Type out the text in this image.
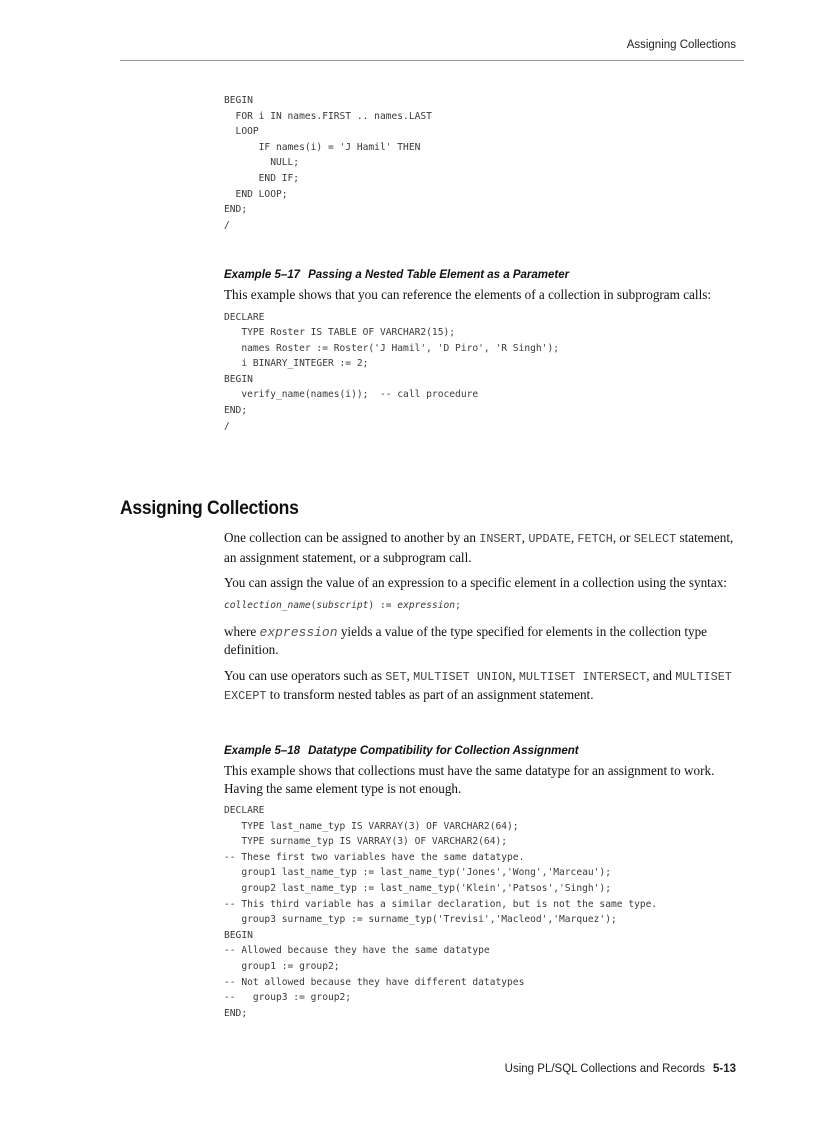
Assigning Collections
BEGIN
FOR i IN names.FIRST .. names.LAST
LOOP
IF names(i) = 'J Hamil' THEN
NULL;
END IF;
END LOOP;
END;
/

Example 5–17 Passing a Nested Table Element as a Parameter

This example shows that you can reference the elements of a collection in subprogram calls:

DECLARE
TYPE Roster IS TABLE OF VARCHAR2(15);
names Roster := Roster('J Hamil', 'D Piro', 'R Singh');
i BINARY_INTEGER := 2;
BEGIN
verify_name(names(i));  -- call procedure
END;
/
Assigning Collections

One collection can be assigned to another by an INSERT, UPDATE, FETCH, or SELECT statement, an assignment statement, or a subprogram call.

You can assign the value of an expression to a specific element in a collection using the syntax:

collection_name(subscript) := expression;

where expression yields a value of the type specified for elements in the collection type definition.

You can use operators such as SET, MULTISET UNION, MULTISET INTERSECT, and MULTISET EXCEPT to transform nested tables as part of an assignment statement.

Example 5–18 Datatype Compatibility for Collection Assignment

This example shows that collections must have the same datatype for an assignment to work. Having the same element type is not enough.

DECLARE
TYPE last_name_typ IS VARRAY(3) OF VARCHAR2(64);
TYPE surname_typ IS VARRAY(3) OF VARCHAR2(64);
-- These first two variables have the same datatype.
group1 last_name_typ := last_name_typ('Jones','Wong','Marceau');
group2 last_name_typ := last_name_typ('Klein','Patsos','Singh');
-- This third variable has a similar declaration, but is not the same type.
group3 surname_typ := surname_typ('Trevisi','Macleod','Marquez');
BEGIN
-- Allowed because they have the same datatype
group1 := group2;
-- Not allowed because they have different datatypes
--   group3 := group2;
END;
Using PL/SQL Collections and Records 5-13
